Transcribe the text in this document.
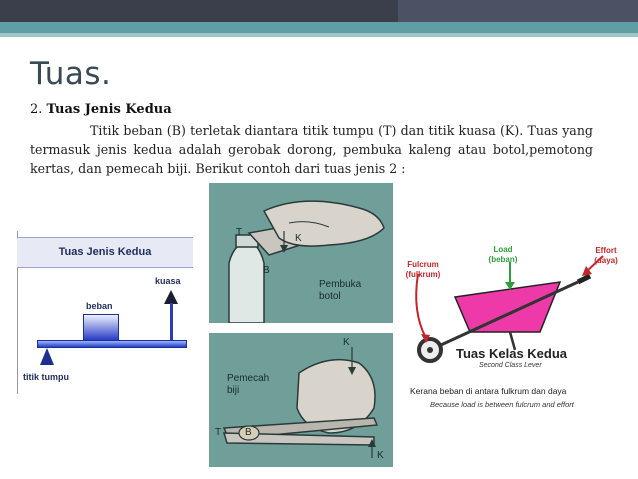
Tuas.
2. Tuas Jenis Kedua
Titik beban (B) terletak diantara titik tumpu (T) dan titik kuasa (K). Tuas yang termasuk jenis kedua adalah gerobak dorong, pembuka kaleng atau botol,pemotong kertas, dan pemecah biji. Berikut contoh dari tuas jenis 2 :
Tuas Jenis Kedua
kuasa
beban
titik tumpu
T
K
B
Pembuka
botol
K
Pemecah
biji
T B
K
Load
(beban)
Effort
(daya)
Fulcrum
(fulkrum)
Tuas Kelas Kedua
Second Class Lever
Kerana beban di antara fulkrum dan daya
Because load is between fulcrum and effort
